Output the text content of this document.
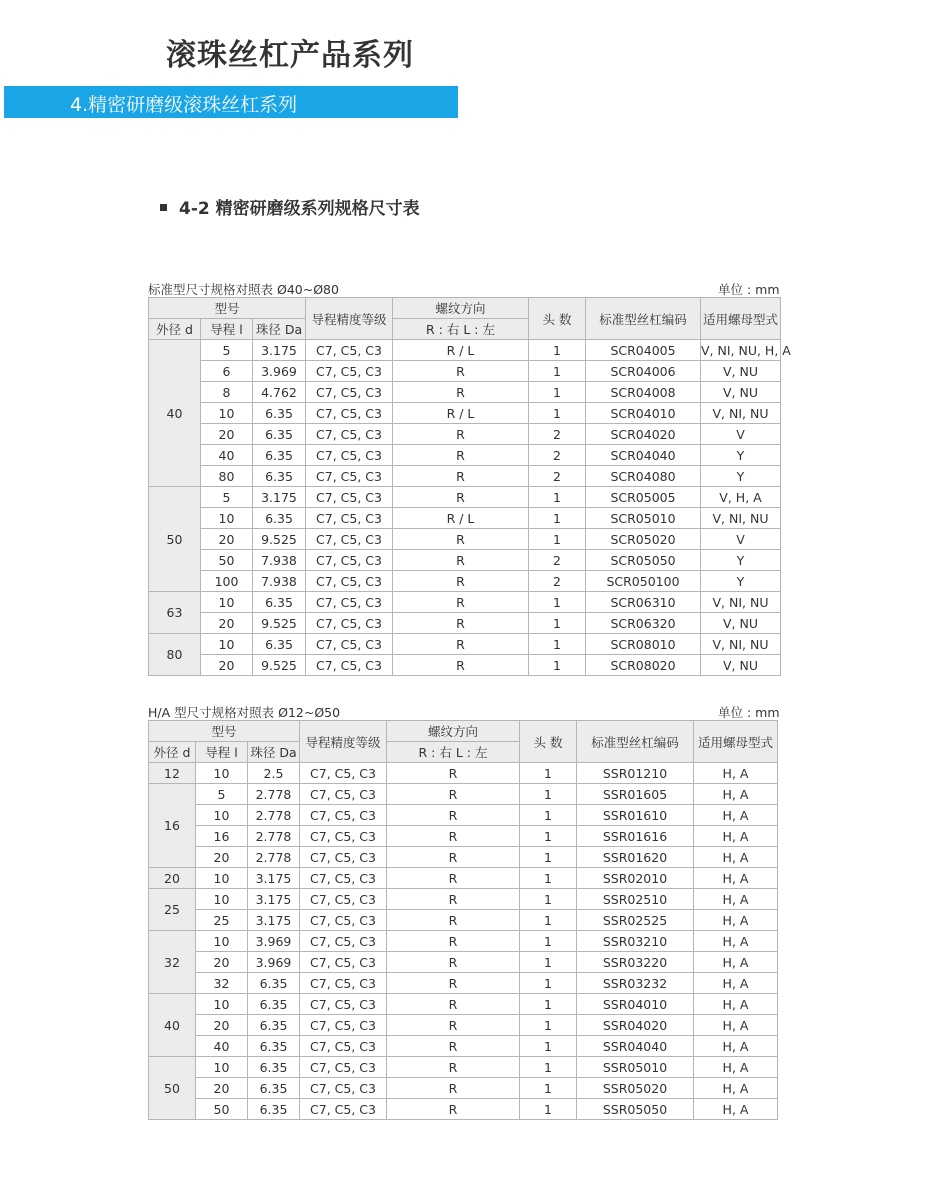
滚珠丝杠产品系列
4.精密研磨级滚珠丝杠系列
4-2 精密研磨级系列规格尺寸表
标准型尺寸规格对照表 Ø40~Ø80	单位 : mm
型号			导程精度等级	螺纹方向	头 数	标准型丝杠编码	适用螺母型式
外径 d	导程 l	珠径 Da		R : 右 L : 左			
40	5	3.175	C7, C5, C3	R / L	1	SCR04005	V, NI, NU, H, A
	6	3.969	C7, C5, C3	R	1	SCR04006	V, NU
	8	4.762	C7, C5, C3	R	1	SCR04008	V, NU
	10	6.35	C7, C5, C3	R / L	1	SCR04010	V, NI, NU
	20	6.35	C7, C5, C3	R	2	SCR04020	V
	40	6.35	C7, C5, C3	R	2	SCR04040	Y
	80	6.35	C7, C5, C3	R	2	SCR04080	Y
50	5	3.175	C7, C5, C3	R	1	SCR05005	V, H, A
	10	6.35	C7, C5, C3	R / L	1	SCR05010	V, NI, NU
	20	9.525	C7, C5, C3	R	1	SCR05020	V
	50	7.938	C7, C5, C3	R	2	SCR05050	Y
	100	7.938	C7, C5, C3	R	2	SCR050100	Y
63	10	6.35	C7, C5, C3	R	1	SCR06310	V, NI, NU
	20	9.525	C7, C5, C3	R	1	SCR06320	V, NU
80	10	6.35	C7, C5, C3	R	1	SCR08010	V, NI, NU
	20	9.525	C7, C5, C3	R	1	SCR08020	V, NU
H/A 型尺寸规格对照表 Ø12~Ø50	单位 : mm
型号			导程精度等级	螺纹方向	头 数	标准型丝杠编码	适用螺母型式
外径 d	导程 l	珠径 Da		R : 右 L : 左			
12	10	2.5	C7, C5, C3	R	1	SSR01210	H, A
16	5	2.778	C7, C5, C3	R	1	SSR01605	H, A
	10	2.778	C7, C5, C3	R	1	SSR01610	H, A
	16	2.778	C7, C5, C3	R	1	SSR01616	H, A
	20	2.778	C7, C5, C3	R	1	SSR01620	H, A
20	10	3.175	C7, C5, C3	R	1	SSR02010	H, A
25	10	3.175	C7, C5, C3	R	1	SSR02510	H, A
	25	3.175	C7, C5, C3	R	1	SSR02525	H, A
32	10	3.969	C7, C5, C3	R	1	SSR03210	H, A
	20	3.969	C7, C5, C3	R	1	SSR03220	H, A
	32	6.35	C7, C5, C3	R	1	SSR03232	H, A
40	10	6.35	C7, C5, C3	R	1	SSR04010	H, A
	20	6.35	C7, C5, C3	R	1	SSR04020	H, A
	40	6.35	C7, C5, C3	R	1	SSR04040	H, A
50	10	6.35	C7, C5, C3	R	1	SSR05010	H, A
	20	6.35	C7, C5, C3	R	1	SSR05020	H, A
	50	6.35	C7, C5, C3	R	1	SSR05050	H, A
